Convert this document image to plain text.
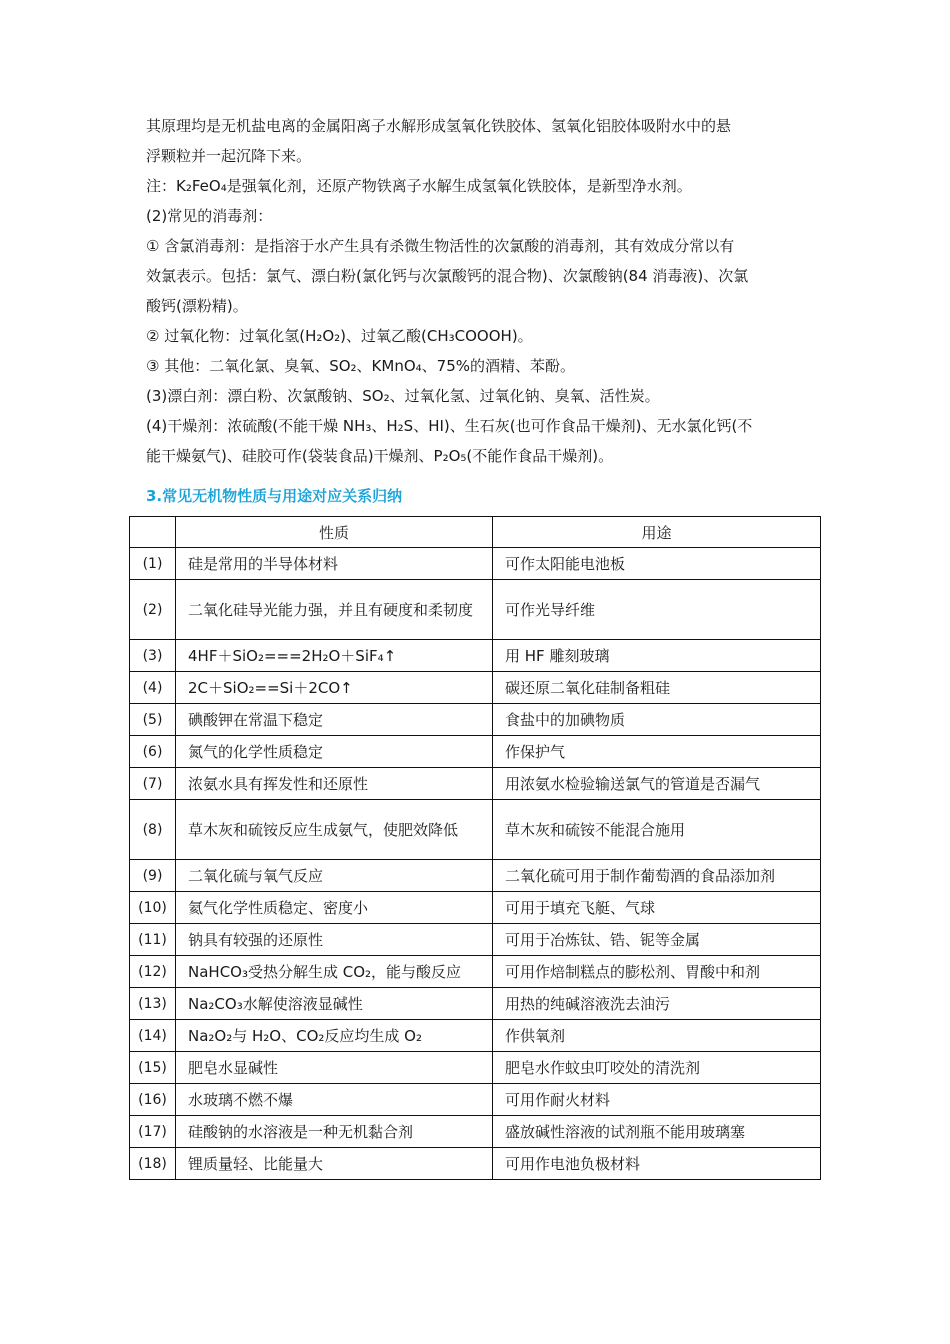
其原理均是无机盐电离的金属阳离子水解形成氢氧化铁胶体、氢氧化铝胶体吸附水中的悬
浮颗粒并一起沉降下来。
注：K₂FeO₄是强氧化剂，还原产物铁离子水解生成氢氧化铁胶体，是新型净水剂。
(2)常见的消毒剂：
① 含氯消毒剂：是指溶于水产生具有杀微生物活性的次氯酸的消毒剂，其有效成分常以有
效氯表示。包括：氯气、漂白粉(氯化钙与次氯酸钙的混合物)、次氯酸钠(84 消毒液)、次氯
酸钙(漂粉精)。
② 过氧化物：过氧化氢(H₂O₂)、过氧乙酸(CH₃COOOH)。
③ 其他：二氧化氯、臭氧、SO₂、KMnO₄、75%的酒精、苯酚。
(3)漂白剂：漂白粉、次氯酸钠、SO₂、过氧化氢、过氧化钠、臭氧、活性炭。
(4)干燥剂：浓硫酸(不能干燥 NH₃、H₂S、HI)、生石灰(也可作食品干燥剂)、无水氯化钙(不
能干燥氨气)、硅胶可作(袋装食品)干燥剂、P₂O₅(不能作食品干燥剂)。
3.常见无机物性质与用途对应关系归纳
	性质	用途
(1)	硅是常用的半导体材料	可作太阳能电池板
(2)	二氧化硅导光能力强，并且有硬度和柔韧度	可作光导纤维
(3)	4HF＋SiO₂===2H₂O＋SiF₄↑	用 HF 雕刻玻璃
(4)	2C＋SiO₂==Si＋2CO↑	碳还原二氧化硅制备粗硅
(5)	碘酸钾在常温下稳定	食盐中的加碘物质
(6)	氮气的化学性质稳定	作保护气
(7)	浓氨水具有挥发性和还原性	用浓氨水检验输送氯气的管道是否漏气
(8)	草木灰和硫铵反应生成氨气，使肥效降低	草木灰和硫铵不能混合施用
(9)	二氧化硫与氧气反应	二氧化硫可用于制作葡萄酒的食品添加剂
(10)	氦气化学性质稳定、密度小	可用于填充飞艇、气球
(11)	钠具有较强的还原性	可用于冶炼钛、锆、铌等金属
(12)	NaHCO₃受热分解生成 CO₂，能与酸反应	可用作焙制糕点的膨松剂、胃酸中和剂
(13)	Na₂CO₃水解使溶液显碱性	用热的纯碱溶液洗去油污
(14)	Na₂O₂与 H₂O、CO₂反应均生成 O₂	作供氧剂
(15)	肥皂水显碱性	肥皂水作蚊虫叮咬处的清洗剂
(16)	水玻璃不燃不爆	可用作耐火材料
(17)	硅酸钠的水溶液是一种无机黏合剂	盛放碱性溶液的试剂瓶不能用玻璃塞
(18)	锂质量轻、比能量大	可用作电池负极材料
